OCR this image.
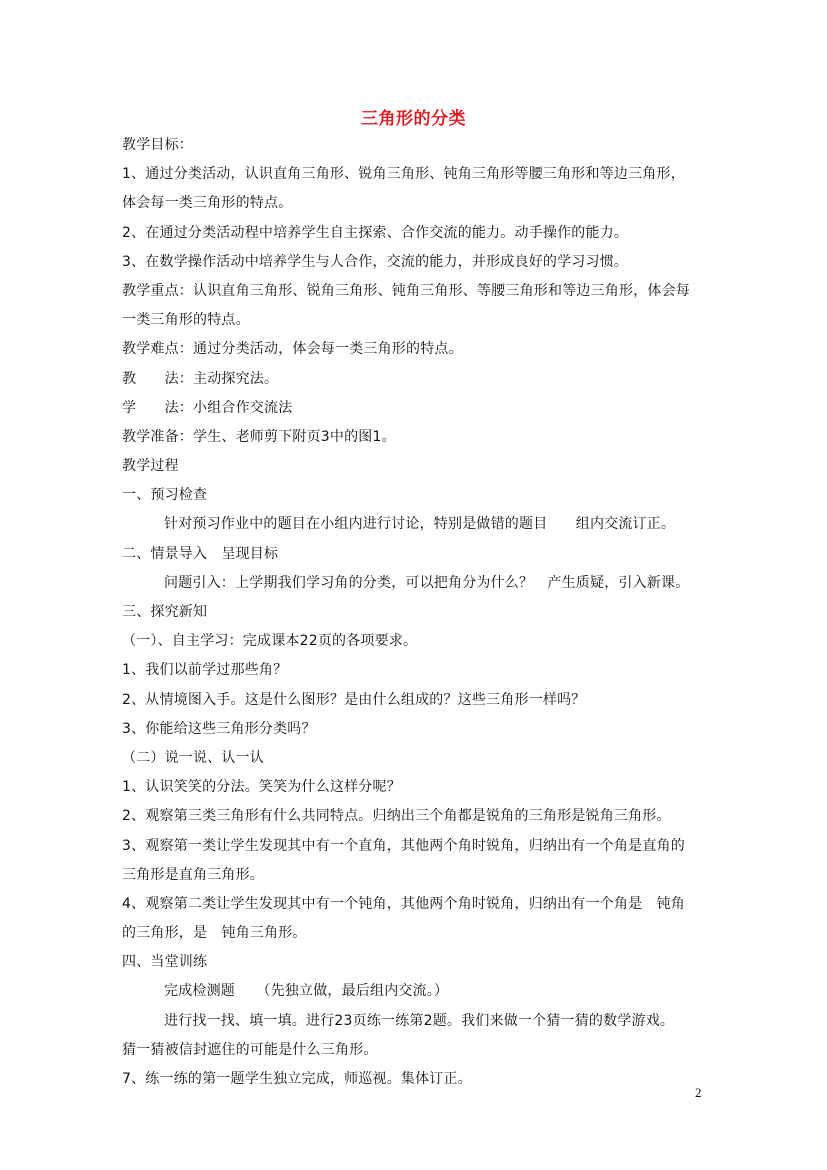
三角形的分类
教学目标：
1、通过分类活动，认识直角三角形、锐角三角形、钝角三角形等腰三角形和等边三角形，
体会每一类三角形的特点。
2、在通过分类活动程中培养学生自主探索、合作交流的能力。动手操作的能力。
3、在数学操作活动中培养学生与人合作，交流的能力，并形成良好的学习习惯。
教学重点：认识直角三角形、锐角三角形、钝角三角形、等腰三角形和等边三角形，体会每
一类三角形的特点。
教学难点：通过分类活动，体会每一类三角形的特点。
教　　法：主动探究法。
学　　法：小组合作交流法
教学准备：学生、老师剪下附页3中的图1。
教学过程
一、预习检查
针对预习作业中的题目在小组内进行讨论，特别是做错的题目　　组内交流订正。
二、情景导入　呈现目标
问题引入：上学期我们学习角的分类，可以把角分为什么？　产生质疑，引入新课。
三、探究新知
（一）、自主学习：完成课本22页的各项要求。
1、我们以前学过那些角？
2、从情境图入手。这是什么图形？是由什么组成的？这些三角形一样吗？
3、你能给这些三角形分类吗？
（二）说一说、认一认
1、认识笑笑的分法。笑笑为什么这样分呢？
2、观察第三类三角形有什么共同特点。归纳出三个角都是锐角的三角形是锐角三角形。
3、观察第一类让学生发现其中有一个直角，其他两个角时锐角，归纳出有一个角是直角的
三角形是直角三角形。
4、观察第二类让学生发现其中有一个钝角，其他两个角时锐角，归纳出有一个角是　钝角
的三角形，是　钝角三角形。
四、当堂训练
完成检测题　　（先独立做，最后组内交流。）
进行找一找、填一填。进行23页练一练第2题。我们来做一个猜一猜的数学游戏。
猜一猜被信封遮住的可能是什么三角形。
7、练一练的第一题学生独立完成，师巡视。集体订正。
2
